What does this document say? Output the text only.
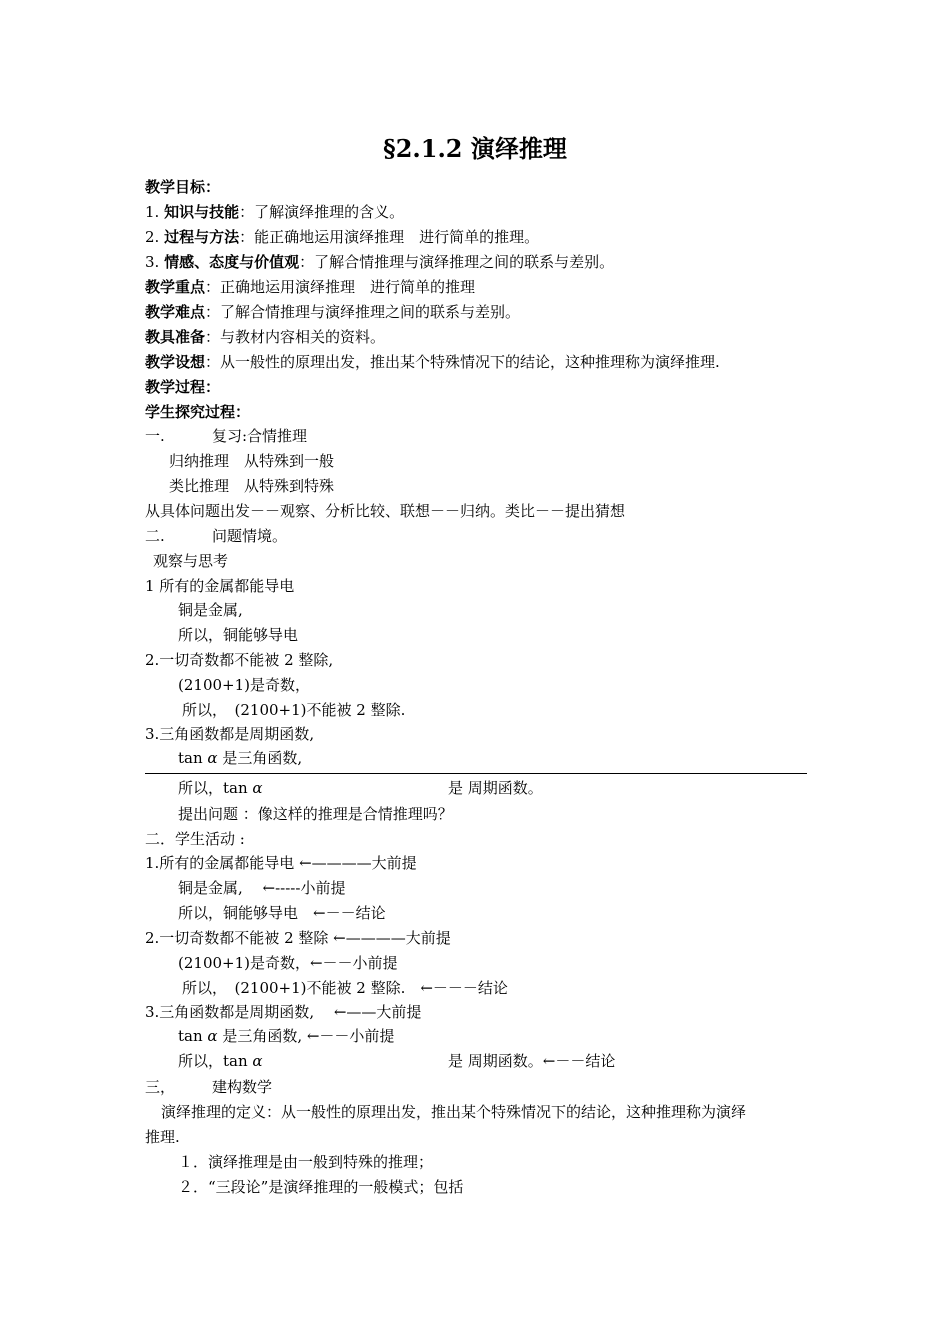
§2.1.2 演绎推理
教学目标：
1. 知识与技能：了解演绎推理的含义。
2. 过程与方法：能正确地运用演绎推理　进行简单的推理。
3. 情感、态度与价值观：了解合情推理与演绎推理之间的联系与差别。
教学重点：正确地运用演绎推理　进行简单的推理
教学难点：了解合情推理与演绎推理之间的联系与差别。
教具准备：与教材内容相关的资料。
教学设想：从一般性的原理出发，推出某个特殊情况下的结论，这种推理称为演绎推理.
教学过程：
学生探究过程：
一.	复习:合情推理
归纳推理　从特殊到一般
类比推理　从特殊到特殊
从具体问题出发－－观察、分析比较、联想－－归纳。类比－－提出猜想
二.	问题情境。
观察与思考
1 所有的金属都能导电
铜是金属,
所以，铜能够导电
2.一切奇数都不能被 2 整除,
(2100+1)是奇数，
所以，　(2100+1)不能被 2 整除.
3.三角函数都是周期函数,
tan α 是三角函数,
所以，tan α	是 周期函数。
提出问题 ：像这样的推理是合情推理吗？
二．学生活动 :
1.所有的金属都能导电 ←————大前提
铜是金属,　 ←-----小前提
所以，铜能够导电　←－－结论
2.一切奇数都不能被 2 整除 ←————大前提
(2100+1)是奇数，←－－小前提
所以，　(2100+1)不能被 2 整除.　←－－－结论
3.三角函数都是周期函数,　 ←——大前提
tan α 是三角函数, ←－－小前提
所以，tan α	是 周期函数。←－－结论
三， 建构数学
演绎推理的定义：从一般性的原理出发，推出某个特殊情况下的结论，这种推理称为演绎
推理.
１．演绎推理是由一般到特殊的推理；
２．“三段论”是演绎推理的一般模式；包括
